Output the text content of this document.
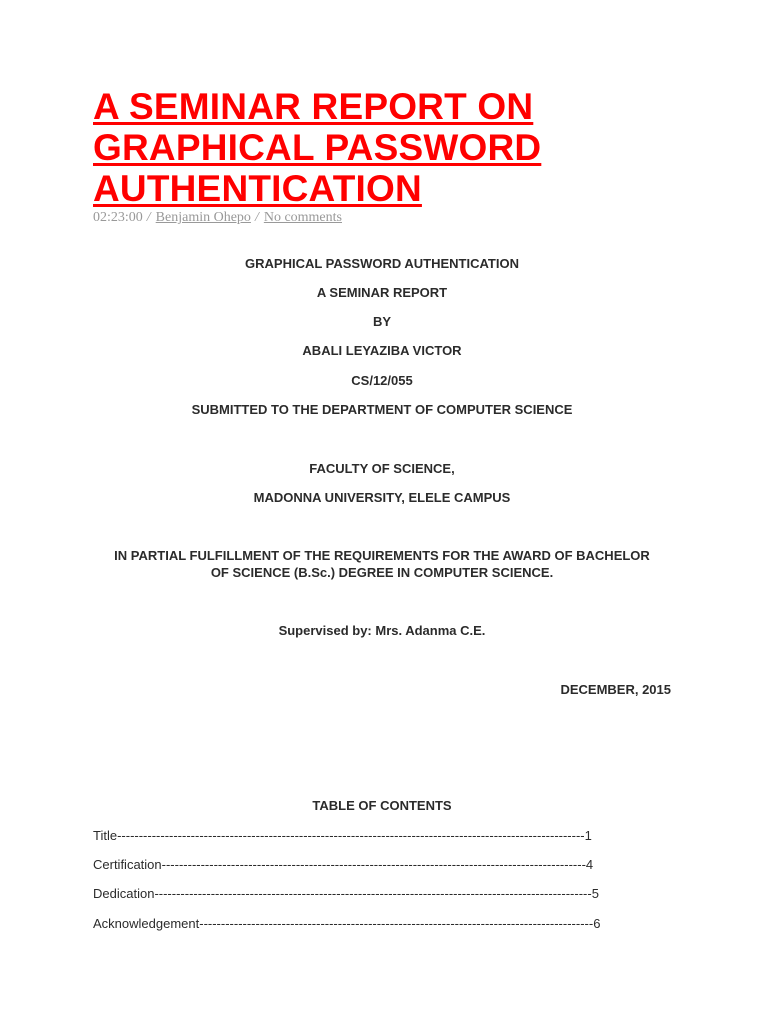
A SEMINAR REPORT ON
GRAPHICAL PASSWORD
AUTHENTICATION
02:23:00 / Benjamin Ohepo / No comments
GRAPHICAL PASSWORD AUTHENTICATION
A SEMINAR REPORT
BY
ABALI LEYAZIBA VICTOR
CS/12/055
SUBMITTED TO THE DEPARTMENT OF COMPUTER SCIENCE
FACULTY OF SCIENCE,
MADONNA UNIVERSITY, ELELE CAMPUS
IN PARTIAL FULFILLMENT OF THE REQUIREMENTS FOR THE AWARD OF BACHELOR
OF SCIENCE (B.Sc.) DEGREE IN COMPUTER SCIENCE.
Supervised by: Mrs. Adanma C.E.
DECEMBER, 2015
TABLE OF CONTENTS
Title------------------------------------------------------------------------------------------------------------1
Certification--------------------------------------------------------------------------------------------------4
Dedication-----------------------------------------------------------------------------------------------------5
Acknowledgement-------------------------------------------------------------------------------------------6
